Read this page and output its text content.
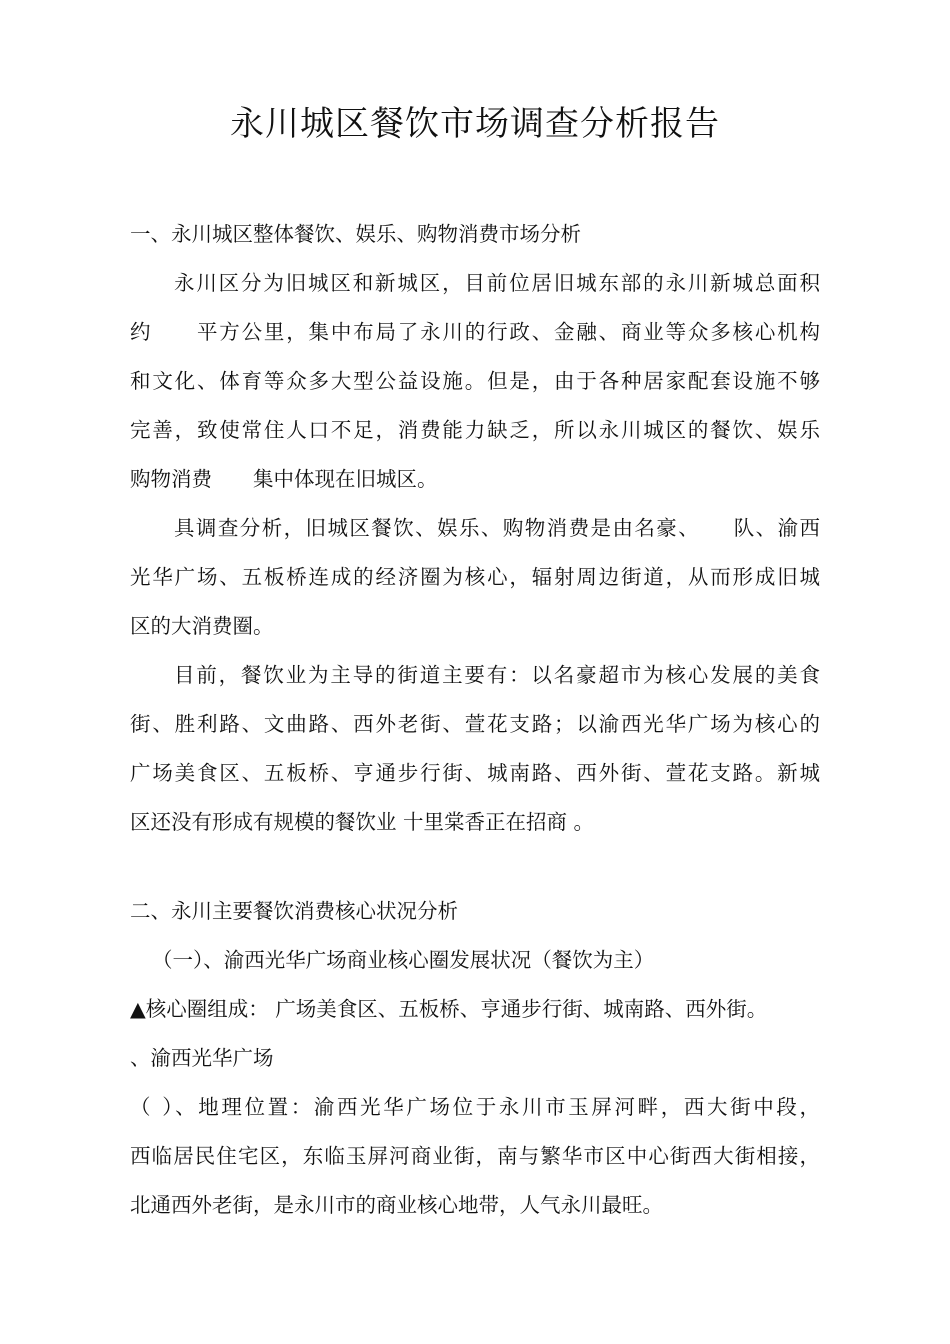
永川城区餐饮市场调查分析报告
一、永川城区整体餐饮、娱乐、购物消费市场分析
永川区分为旧城区和新城区，目前位居旧城东部的永川新城总面积
约　　平方公里，集中布局了永川的行政、金融、商业等众多核心机构
和文化、体育等众多大型公益设施。但是，由于各种居家配套设施不够
完善，致使常住人口不足，消费能力缺乏，所以永川城区的餐饮、娱乐
购物消费　　集中体现在旧城区。
具调查分析，旧城区餐饮、娱乐、购物消费是由名豪、　　队、渝西
光华广场、五板桥连成的经济圈为核心，辐射周边街道，从而形成旧城
区的大消费圈。
目前，餐饮业为主导的街道主要有：以名豪超市为核心发展的美食
街、胜利路、文曲路、西外老街、萱花支路；以渝西光华广场为核心的
广场美食区、五板桥、亨通步行街、城南路、西外街、萱花支路。新城
区还没有形成有规模的餐饮业 十里棠香正在招商 。
二、永川主要餐饮消费核心状况分析
（一）、渝西光华广场商业核心圈发展状况（餐饮为主）
▲核心圈组成： 广场美食区、五板桥、亨通步行街、城南路、西外街。
、渝西光华广场
（ ）、地理位置：渝西光华广场位于永川市玉屏河畔，西大街中段，
西临居民住宅区，东临玉屏河商业街，南与繁华市区中心街西大街相接，
北通西外老街，是永川市的商业核心地带，人气永川最旺。
